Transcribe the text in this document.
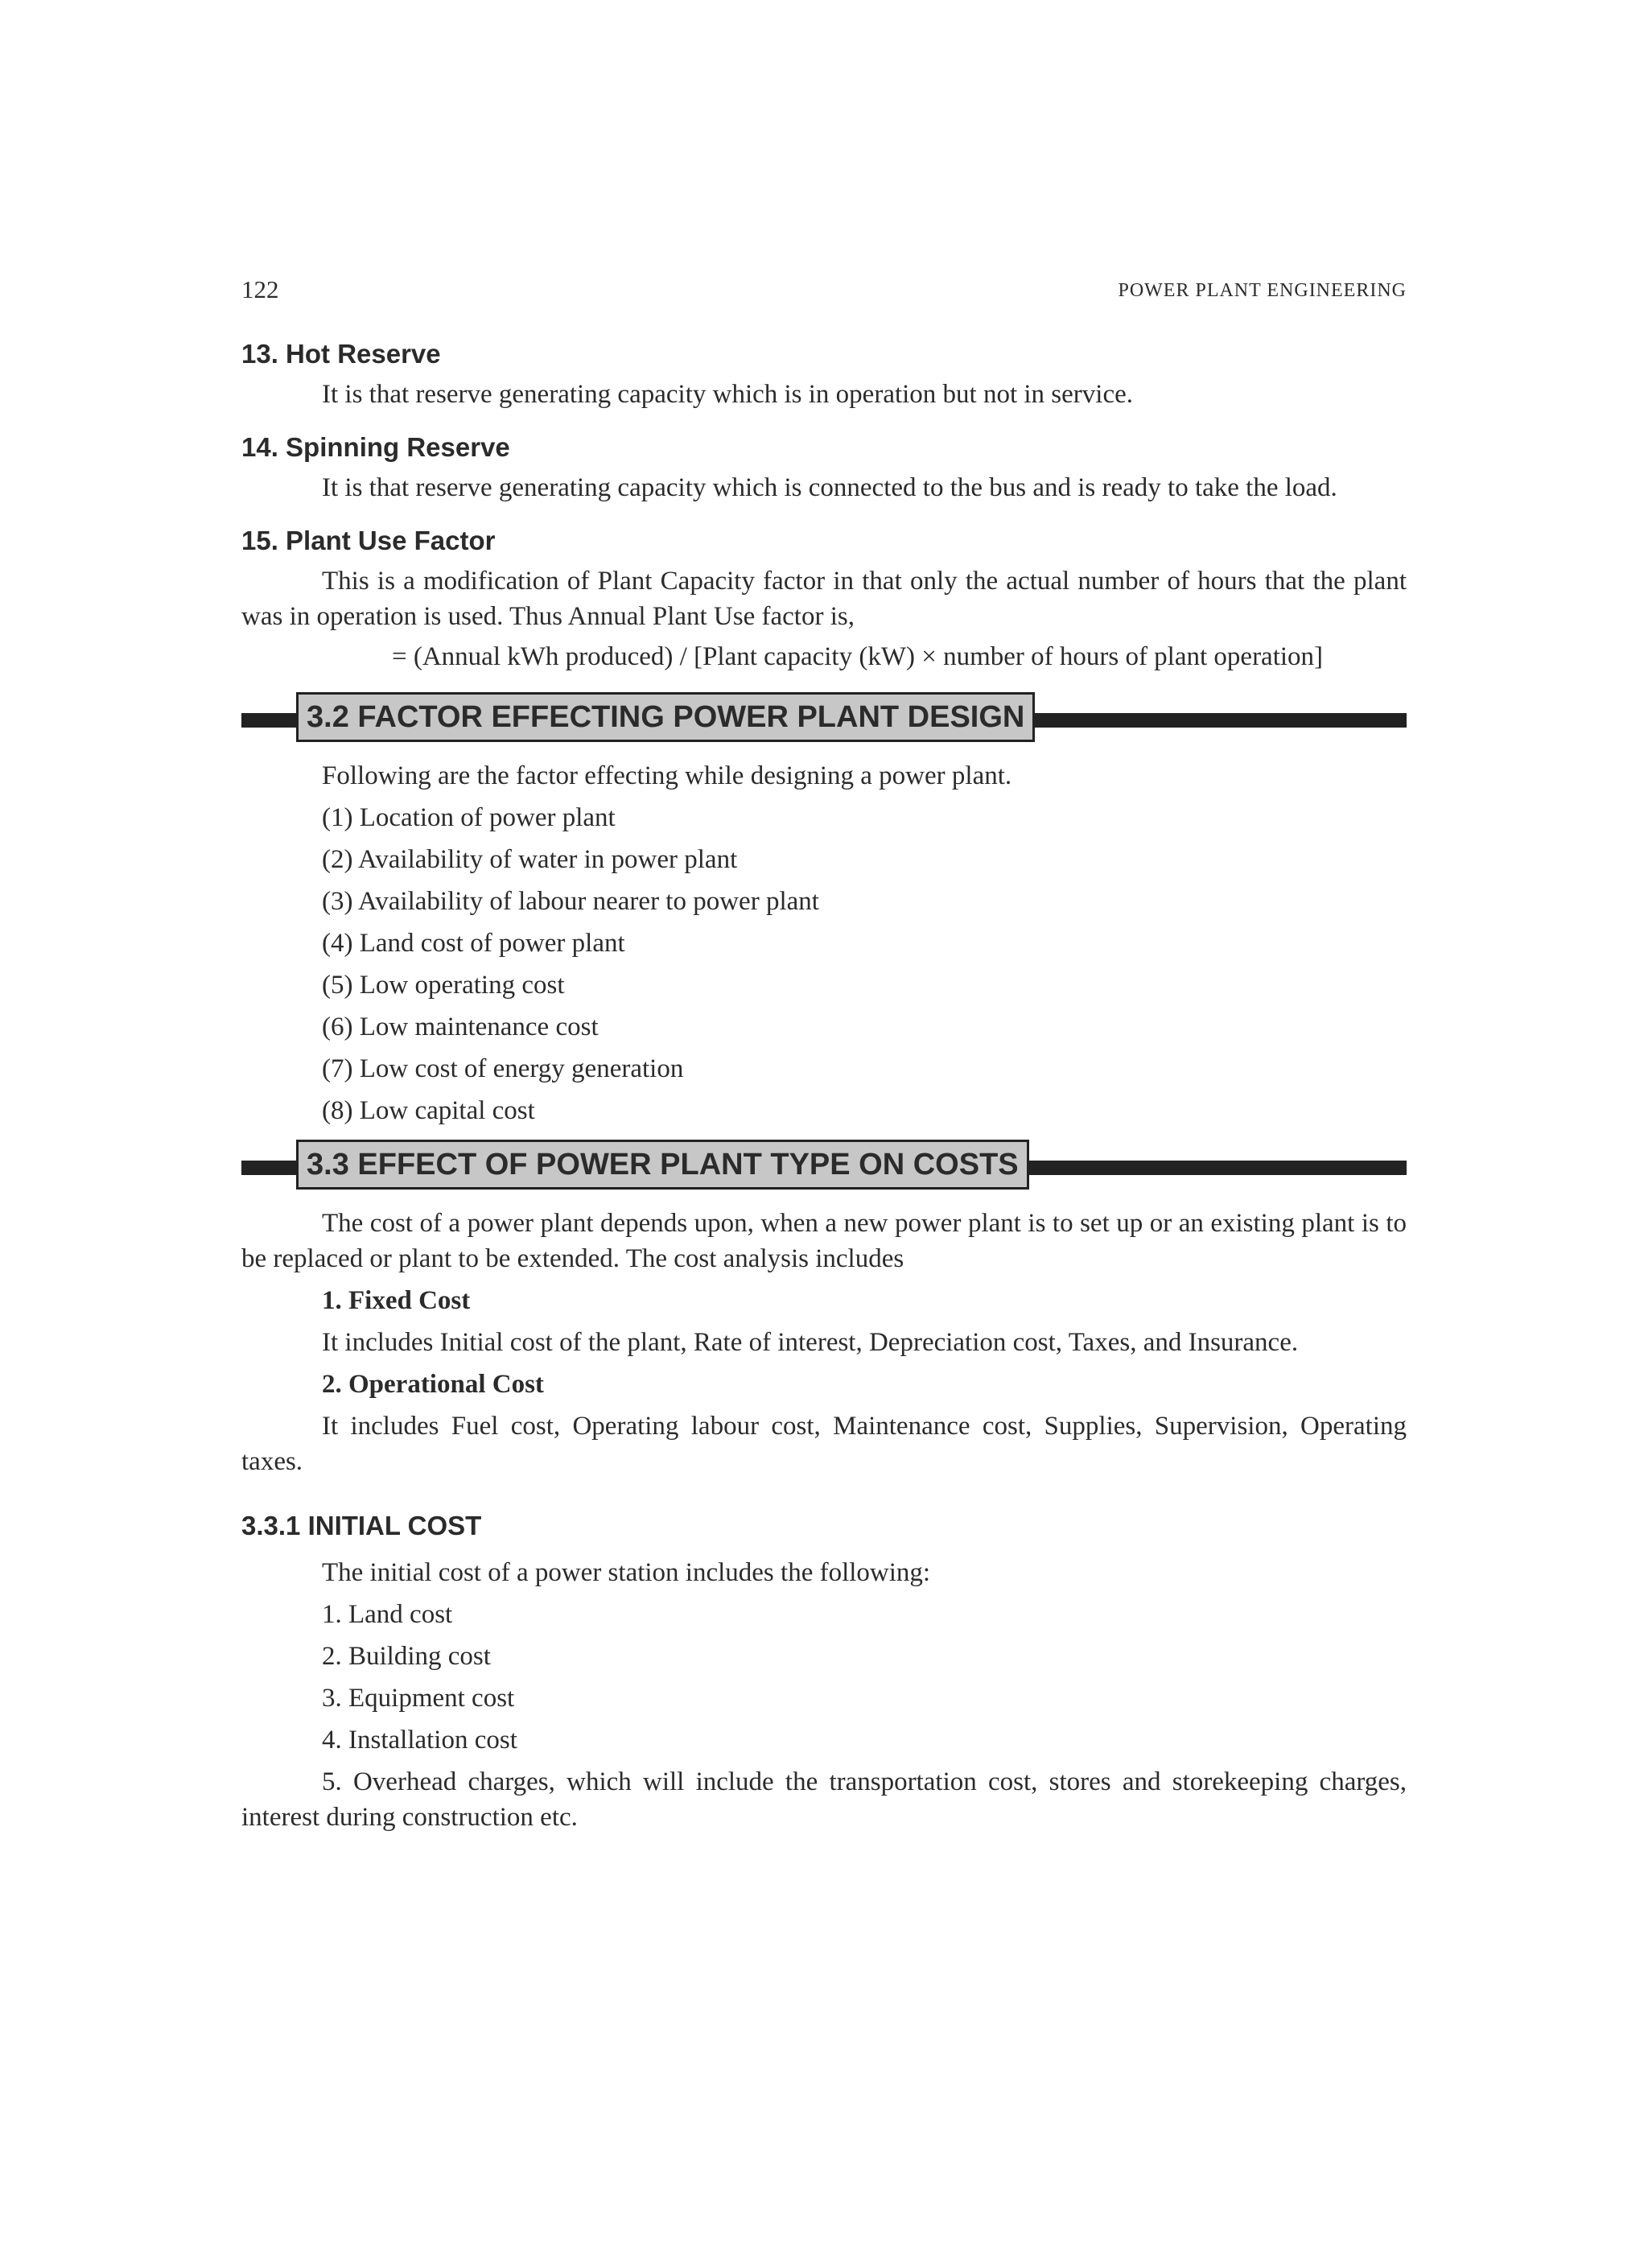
122	POWER PLANT ENGINEERING
13. Hot Reserve

It is that reserve generating capacity which is in operation but not in service.

14. Spinning Reserve

It is that reserve generating capacity which is connected to the bus and is ready to take the load.

15. Plant Use Factor

This is a modification of Plant Capacity factor in that only the actual number of hours that the plant was in operation is used. Thus Annual Plant Use factor is,

= (Annual kWh produced) / [Plant capacity (kW) × number of hours of plant operation]

3.2 FACTOR EFFECTING POWER PLANT DESIGN

Following are the factor effecting while designing a power plant.

(1) Location of power plant
(2) Availability of water in power plant
(3) Availability of labour nearer to power plant
(4) Land cost of power plant
(5) Low operating cost
(6) Low maintenance cost
(7) Low cost of energy generation
(8) Low capital cost
3.3 EFFECT OF POWER PLANT TYPE ON COSTS

The cost of a power plant depends upon, when a new power plant is to set up or an existing plant is to be replaced or plant to be extended. The cost analysis includes

1. Fixed Cost

It includes Initial cost of the plant, Rate of interest, Depreciation cost, Taxes, and Insurance.

2. Operational Cost

It includes Fuel cost, Operating labour cost, Maintenance cost, Supplies, Supervision, Operating taxes.

3.3.1 INITIAL COST

The initial cost of a power station includes the following:

1. Land cost
2. Building cost
3. Equipment cost
4. Installation cost

5. Overhead charges, which will include the transportation cost, stores and storekeeping charges, interest during construction etc.
